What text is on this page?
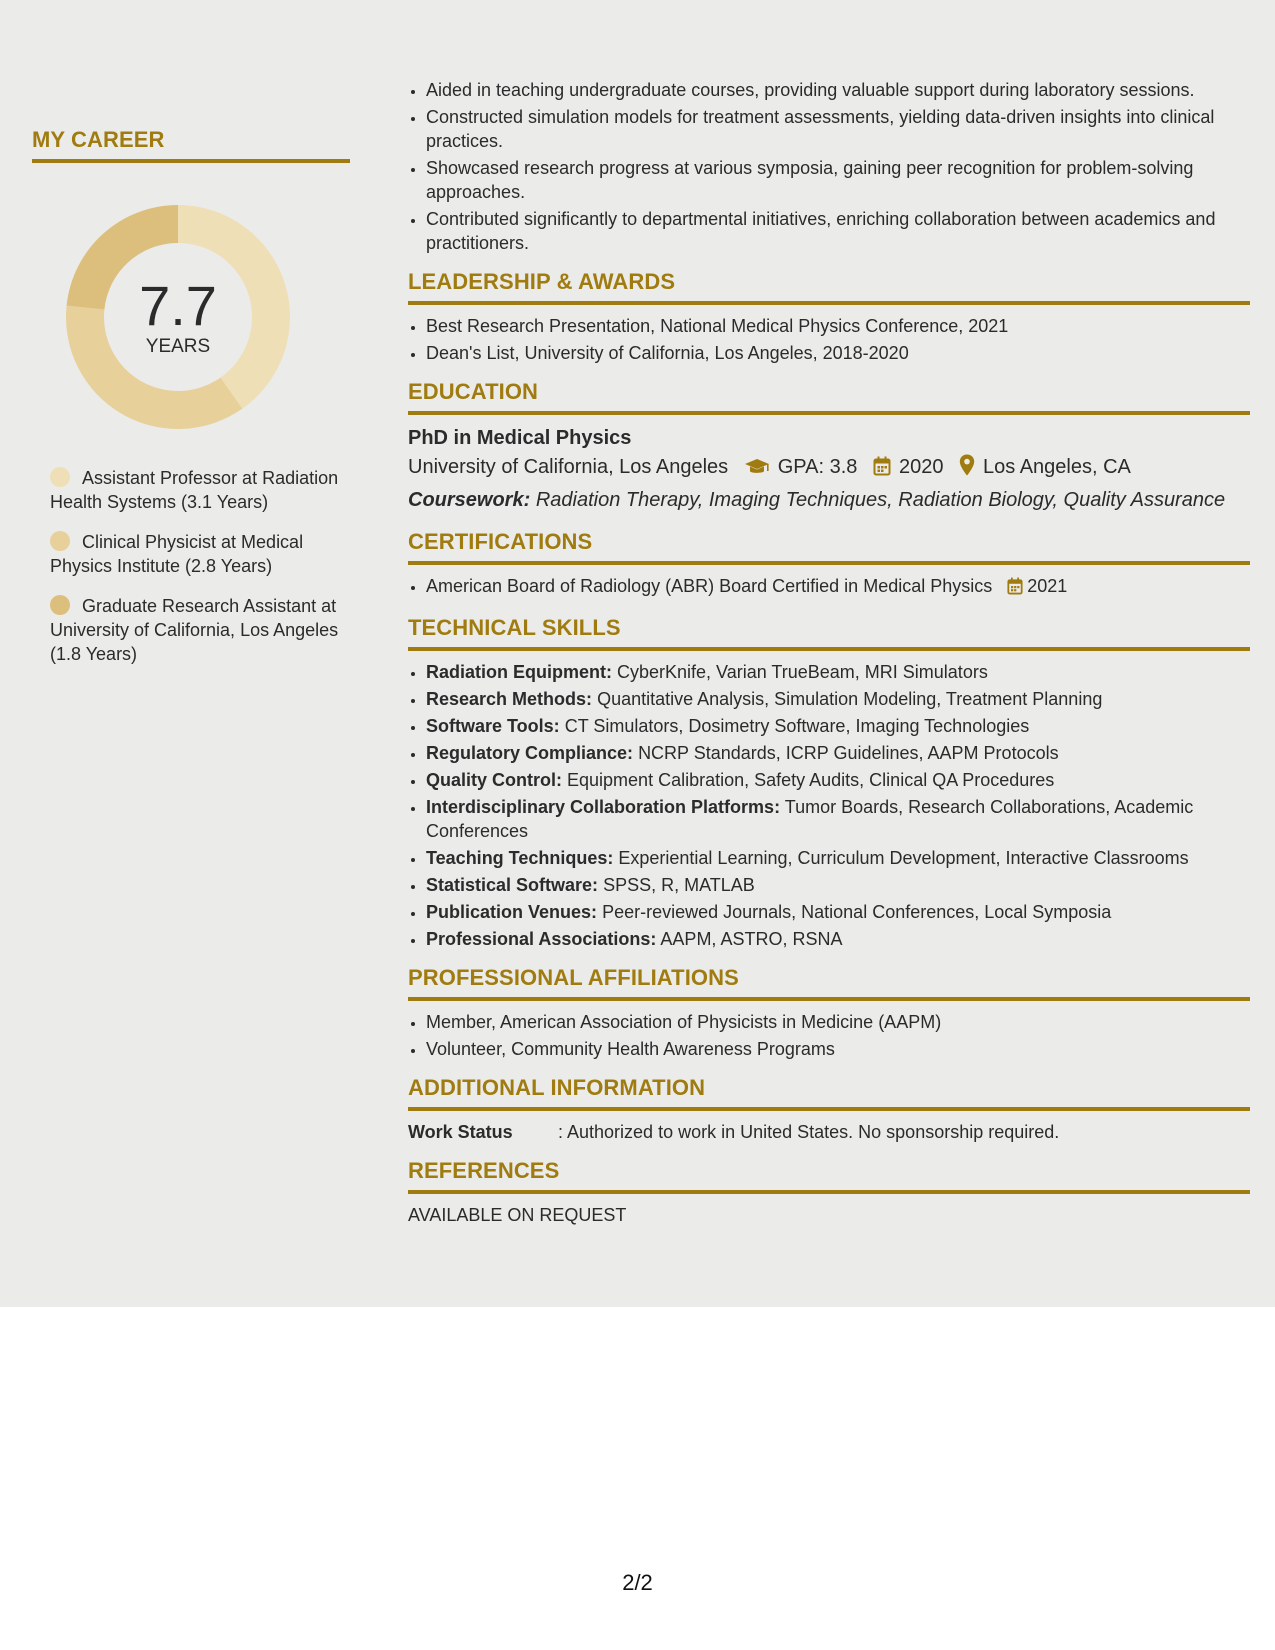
MY CAREER
7.7
YEARS
Assistant Professor at Radiation Health Systems (3.1 Years)
Clinical Physicist at Medical Physics Institute (2.8 Years)
Graduate Research Assistant at University of California, Los Angeles (1.8 Years)
• Aided in teaching undergraduate courses, providing valuable support during laboratory sessions.
• Constructed simulation models for treatment assessments, yielding data-driven insights into clinical practices.
• Showcased research progress at various symposia, gaining peer recognition for problem-solving approaches.
• Contributed significantly to departmental initiatives, enriching collaboration between academics and practitioners.
LEADERSHIP & AWARDS
• Best Research Presentation, National Medical Physics Conference, 2021
• Dean's List, University of California, Los Angeles, 2018-2020
EDUCATION
PhD in Medical Physics
University of California, Los Angeles GPA: 3.8 2020 Los Angeles, CA
Coursework: Radiation Therapy, Imaging Techniques, Radiation Biology, Quality Assurance
CERTIFICATIONS
• American Board of Radiology (ABR) Board Certified in Medical Physics 2021
TECHNICAL SKILLS
• Radiation Equipment: CyberKnife, Varian TrueBeam, MRI Simulators
• Research Methods: Quantitative Analysis, Simulation Modeling, Treatment Planning
• Software Tools: CT Simulators, Dosimetry Software, Imaging Technologies
• Regulatory Compliance: NCRP Standards, ICRP Guidelines, AAPM Protocols
• Quality Control: Equipment Calibration, Safety Audits, Clinical QA Procedures
• Interdisciplinary Collaboration Platforms: Tumor Boards, Research Collaborations, Academic Conferences
• Teaching Techniques: Experiential Learning, Curriculum Development, Interactive Classrooms
• Statistical Software: SPSS, R, MATLAB
• Publication Venues: Peer-reviewed Journals, National Conferences, Local Symposia
• Professional Associations: AAPM, ASTRO, RSNA
PROFESSIONAL AFFILIATIONS
• Member, American Association of Physicists in Medicine (AAPM)
• Volunteer, Community Health Awareness Programs
ADDITIONAL INFORMATION
Work Status	: Authorized to work in United States. No sponsorship required.
REFERENCES
AVAILABLE ON REQUEST
2/2
